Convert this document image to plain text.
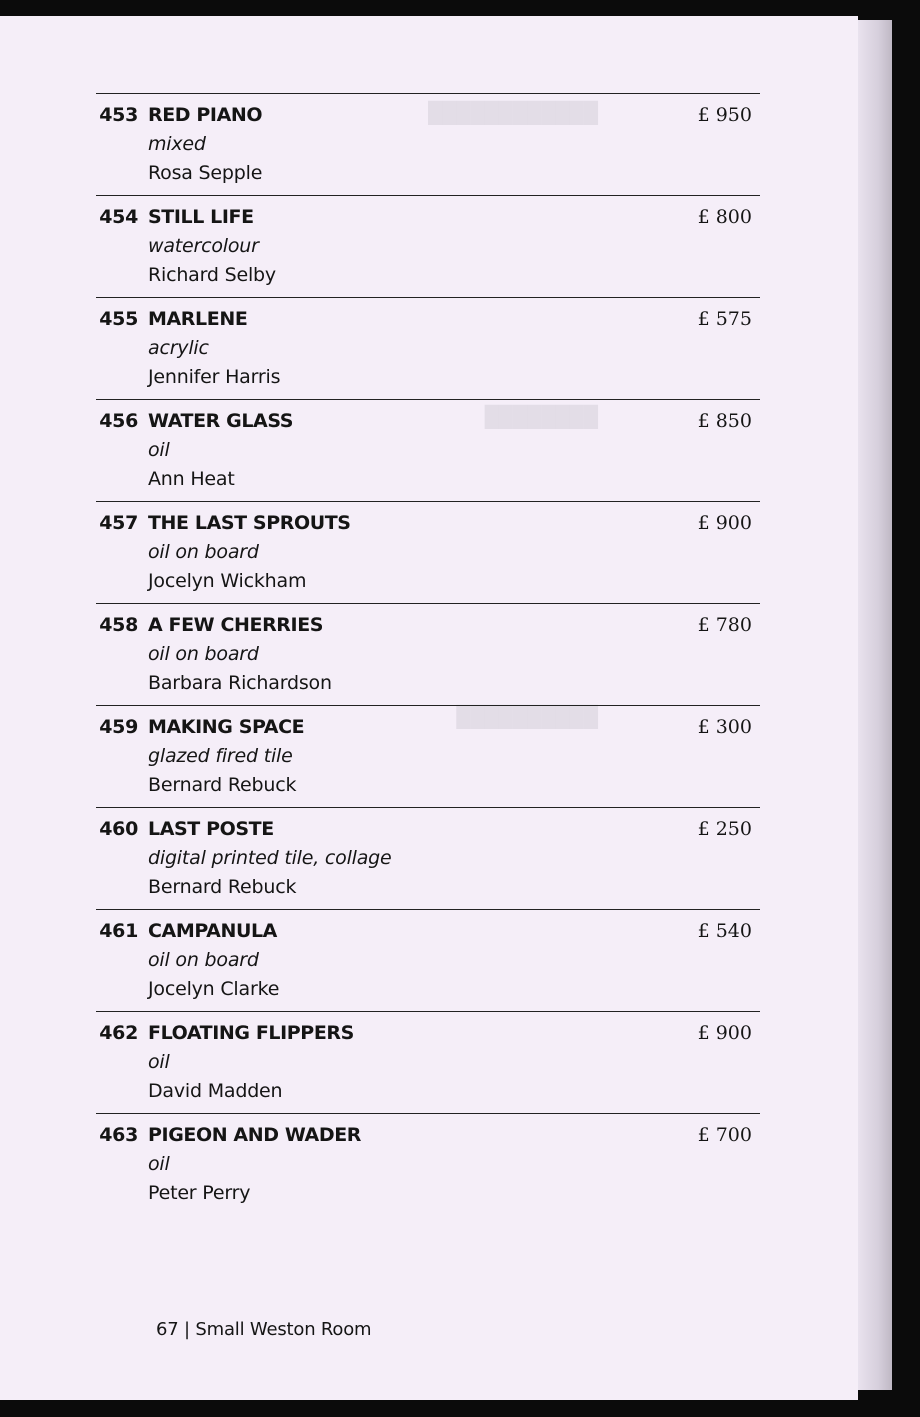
████████████
████████
██████████
453 RED PIANO
mixed
Rosa Sepple
£ 950
454 STILL LIFE
watercolour
Richard Selby
£ 800
455 MARLENE
acrylic
Jennifer Harris
£ 575
456 WATER GLASS
oil
Ann Heat
£ 850
457 THE LAST SPROUTS
oil on board
Jocelyn Wickham
£ 900
458 A FEW CHERRIES
oil on board
Barbara Richardson
£ 780
459 MAKING SPACE
glazed fired tile
Bernard Rebuck
£ 300
460 LAST POSTE
digital printed tile, collage
Bernard Rebuck
£ 250
461 CAMPANULA
oil on board
Jocelyn Clarke
£ 540
462 FLOATING FLIPPERS
oil
David Madden
£ 900
463 PIGEON AND WADER
oil
Peter Perry
£ 700
67 | Small Weston Room
